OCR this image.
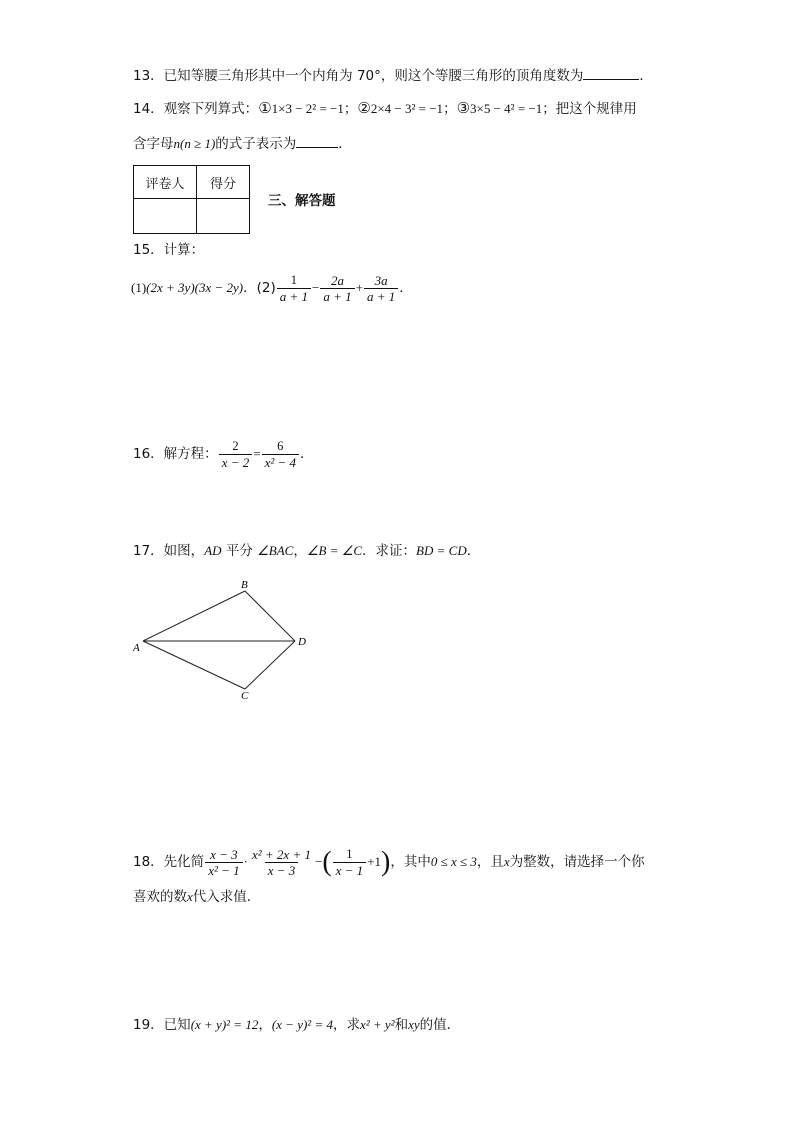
13．已知等腰三角形其中一个内角为 70°，则这个等腰三角形的顶角度数为	．
14．观察下列算式：①1×3 − 2² = −1；②2×4 − 3² = −1；③3×5 − 4² = −1；把这个规律用
含字母n(n ≥ 1)的式子表示为	．
评卷人	得分

三、解答题
15．计算：
(1)(2x + 3y)(3x − 2y)．$(2) \frac{1}{a + 1} - \frac{2a}{a + 1} + \frac{3a}{a + 1}$ ．
16．解方程： $\frac{2}{x - 2} = \frac{6}{\text{x² − 4}}$ ．
17．如图，AD 平分 ∠BAC，∠B = ∠C．求证：BD = CD．
A
B
C
D
18．先化简 $\frac{x - 3}{\text{x² − 1}} \cdot \frac{\text{x² + 2x + 1}}{x - 3}$ −( $\frac{1}{x - 1} +1$)，其中0 ≤ x ≤ 3，且x为整数，请选择一个你
喜欢的数x代入求值．
19．已知(x + y)² = 12，(x − y)² = 4，求x² + y²和xy的值．
